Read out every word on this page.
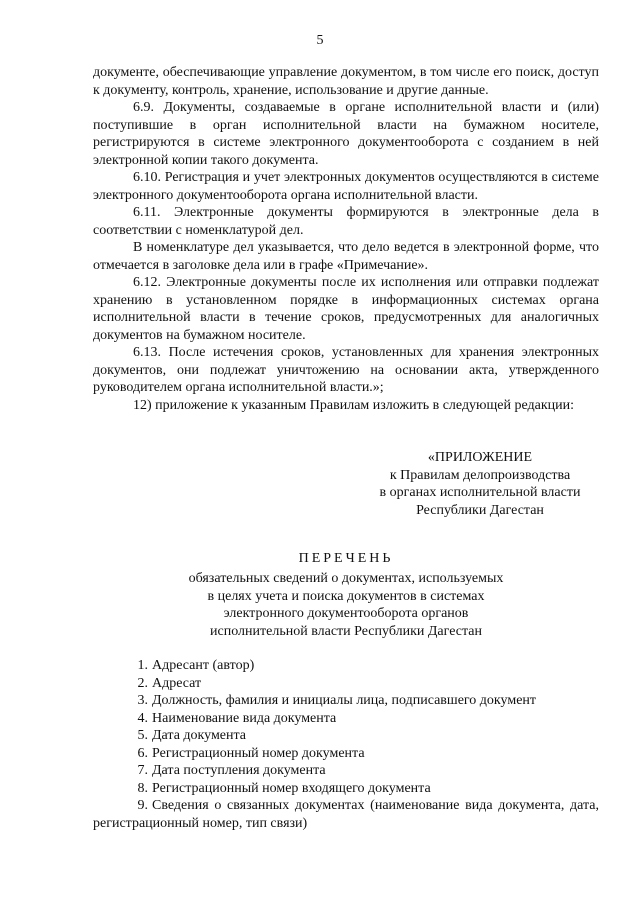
5

документе, обеспечивающие управление документом, в том числе его поиск, доступ к документу, контроль, хранение, использование и другие данные.

6.9. Документы, создаваемые в органе исполнительной власти и (или) поступившие в орган исполнительной власти на бумажном носителе, регистрируются в системе электронного документооборота с созданием в ней электронной копии такого документа.

6.10. Регистрация и учет электронных документов осуществляются в системе электронного документооборота органа исполнительной власти.

6.11. Электронные документы формируются в электронные дела в соответствии с номенклатурой дел.

В номенклатуре дел указывается, что дело ведется в электронной форме, что отмечается в заголовке дела или в графе «Примечание».

6.12. Электронные документы после их исполнения или отправки подлежат хранению в установленном порядке в информационных системах органа исполнительной власти в течение сроков, предусмотренных для аналогичных документов на бумажном носителе.

6.13. После истечения сроков, установленных для хранения электронных документов, они подлежат уничтожению на основании акта, утвержденного руководителем органа исполнительной власти.»;

12) приложение к указанным Правилам изложить в следующей редакции:

«ПРИЛОЖЕНИЕ
к Правилам делопроизводства
в органах исполнительной власти
Республики Дагестан
ПЕРЕЧЕНЬ
обязательных сведений о документах, используемых
в целях учета и поиска документов в системах
электронного документооборота органов
исполнительной власти Республики Дагестан
1. Адресант (автор)
2. Адресат
3. Должность, фамилия и инициалы лица, подписавшего документ
4. Наименование вида документа
5. Дата документа
6. Регистрационный номер документа
7. Дата поступления документа
8. Регистрационный номер входящего документа
9. Сведения о связанных документах (наименование вида документа, дата, регистрационный номер, тип связи)
